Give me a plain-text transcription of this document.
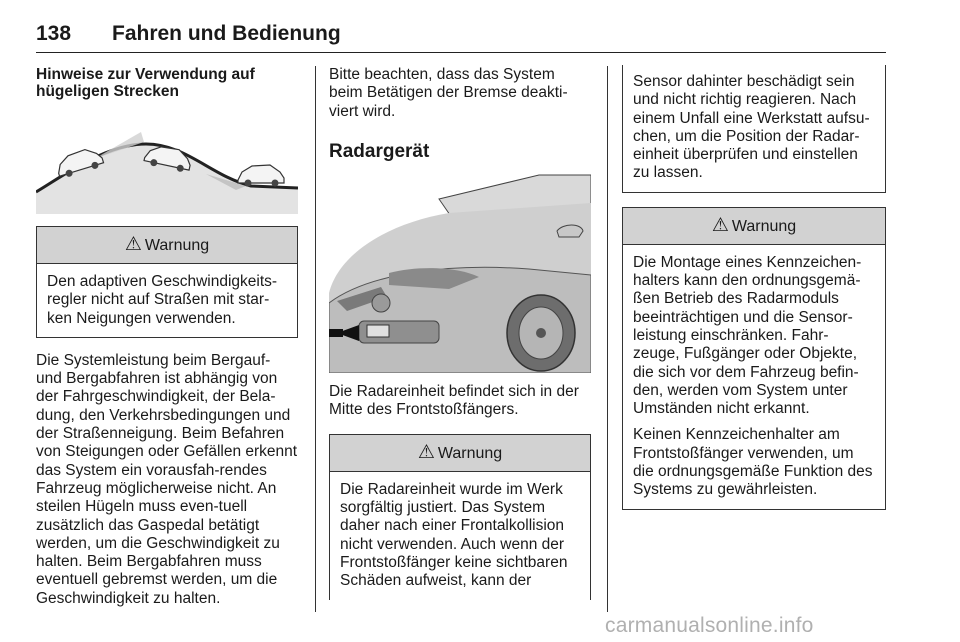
138 Fahren und Bedienung

Hinweise zur Verwendung auf hügeligen Strecken

⚠ Warnung

Den adaptiven Geschwindigkeits-regler nicht auf Straßen mit star-ken Neigungen verwenden.

Die Systemleistung beim Bergauf- und Bergabfahren ist abhängig von der Fahrgeschwindigkeit, der Bela-dung, den Verkehrsbedingungen und der Straßenneigung. Beim Befahren von Steigungen oder Gefällen erkennt das System ein vorausfah-rendes Fahrzeug möglicherweise nicht. An steilen Hügeln muss even-tuell zusätzlich das Gaspedal betätigt werden, um die Geschwindigkeit zu halten. Beim Bergabfahren muss eventuell gebremst werden, um die Geschwindigkeit zu halten.

Bitte beachten, dass das System beim Betätigen der Bremse deakti-viert wird.

Radargerät

Die Radareinheit befindet sich in der Mitte des Frontstoßfängers.

⚠ Warnung

Die Radareinheit wurde im Werk sorgfältig justiert. Das System daher nach einer Frontalkollision nicht verwenden. Auch wenn der Frontstoßfänger keine sichtbaren Schäden aufweist, kann der

Sensor dahinter beschädigt sein und nicht richtig reagieren. Nach einem Unfall eine Werkstatt aufsu-chen, um die Position der Radar-einheit überprüfen und einstellen zu lassen.

⚠ Warnung

Die Montage eines Kennzeichen-halters kann den ordnungsgemä-ßen Betrieb des Radarmoduls beeinträchtigen und die Sensor-leistung einschränken. Fahr-zeuge, Fußgänger oder Objekte, die sich vor dem Fahrzeug befin-den, werden vom System unter Umständen nicht erkannt.

Keinen Kennzeichenhalter am Frontstoßfänger verwenden, um die ordnungsgemäße Funktion des Systems zu gewährleisten.

carmanualsonline.info
